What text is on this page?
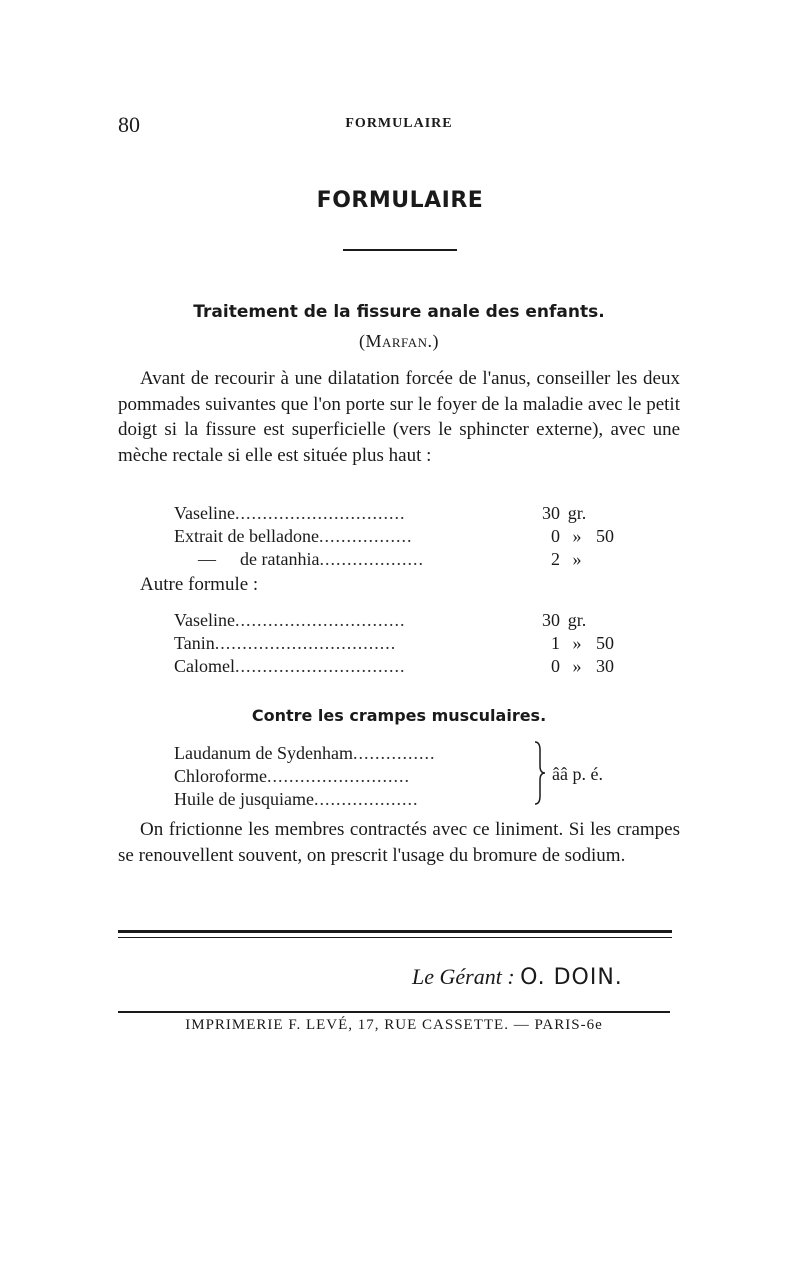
80	FORMULAIRE
FORMULAIRE
Traitement de la fissure anale des enfants.
(Marfan.)

Avant de recourir à une dilatation forcée de l'anus, conseiller les deux pommades suivantes que l'on porte sur le foyer de la maladie avec le petit doigt si la fissure est superficielle (vers le sphincter externe), avec une mèche rectale si elle est située plus haut :

Vaseline...............................	30 gr.
Extrait de belladone.................	0 » 50
— de ratanhia...................	2 »
Autre formule :
Vaseline...............................	30 gr.
Tanin.................................	1 » 50
Calomel...............................	0 » 30
Contre les crampes musculaires.
Laudanum de Sydenham...............
Chloroforme..........................
Huile de jusquiame...................
ââ p. é.

On frictionne les membres contractés avec ce liniment. Si les crampes se renouvellent souvent, on prescrit l'usage du bromure de sodium.

Le Gérant : O. DOIN.
IMPRIMERIE F. LEVÉ, 17, RUE CASSETTE. — PARIS-6e
